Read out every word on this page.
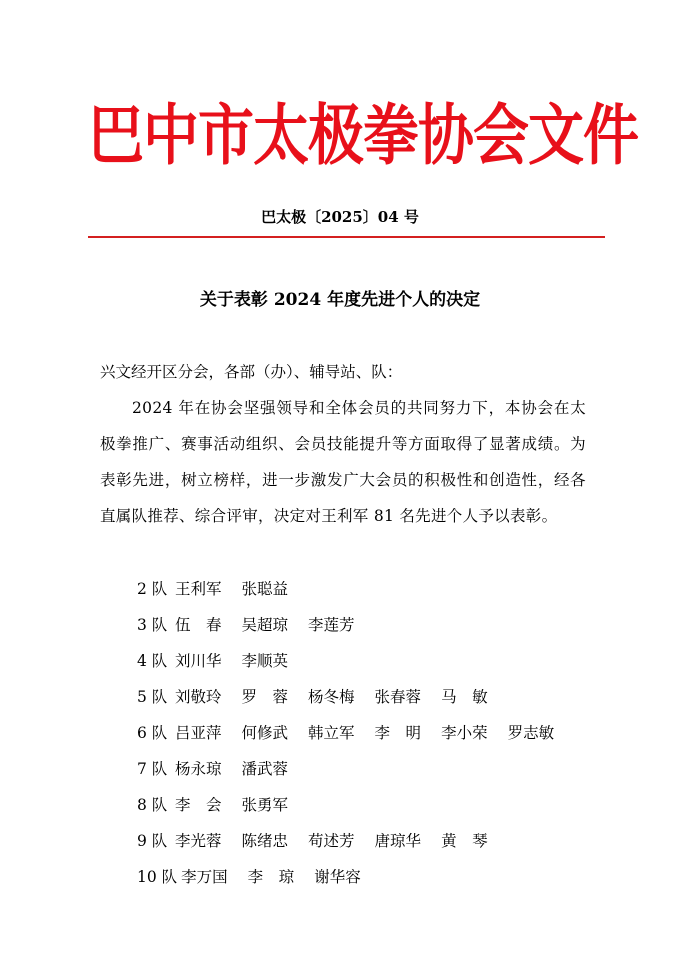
巴中市太极拳协会文件
巴太极〔2025〕04 号
关于表彰 2024 年度先进个人的决定
兴文经开区分会，各部（办）、辅导站、队：
2024 年在协会坚强领导和全体会员的共同努力下，本协会在太极拳推广、赛事活动组织、会员技能提升等方面取得了显著成绩。为表彰先进，树立榜样，进一步激发广大会员的积极性和创造性，经各直属队推荐、综合评审，决定对王利军 81 名先进个人予以表彰。
2 队 王利军 张聪益
3 队 伍　春 吴超琼 李莲芳
4 队 刘川华 李顺英
5 队 刘敬玲 罗　蓉 杨冬梅 张春蓉 马　敏
6 队 吕亚萍 何修武 韩立军 李　明 李小荣 罗志敏
7 队 杨永琼 潘武蓉
8 队 李　会 张勇军
9 队 李光蓉 陈绪忠 苟述芳 唐琼华 黄　琴
10 队 李万国 李　琼 谢华容
